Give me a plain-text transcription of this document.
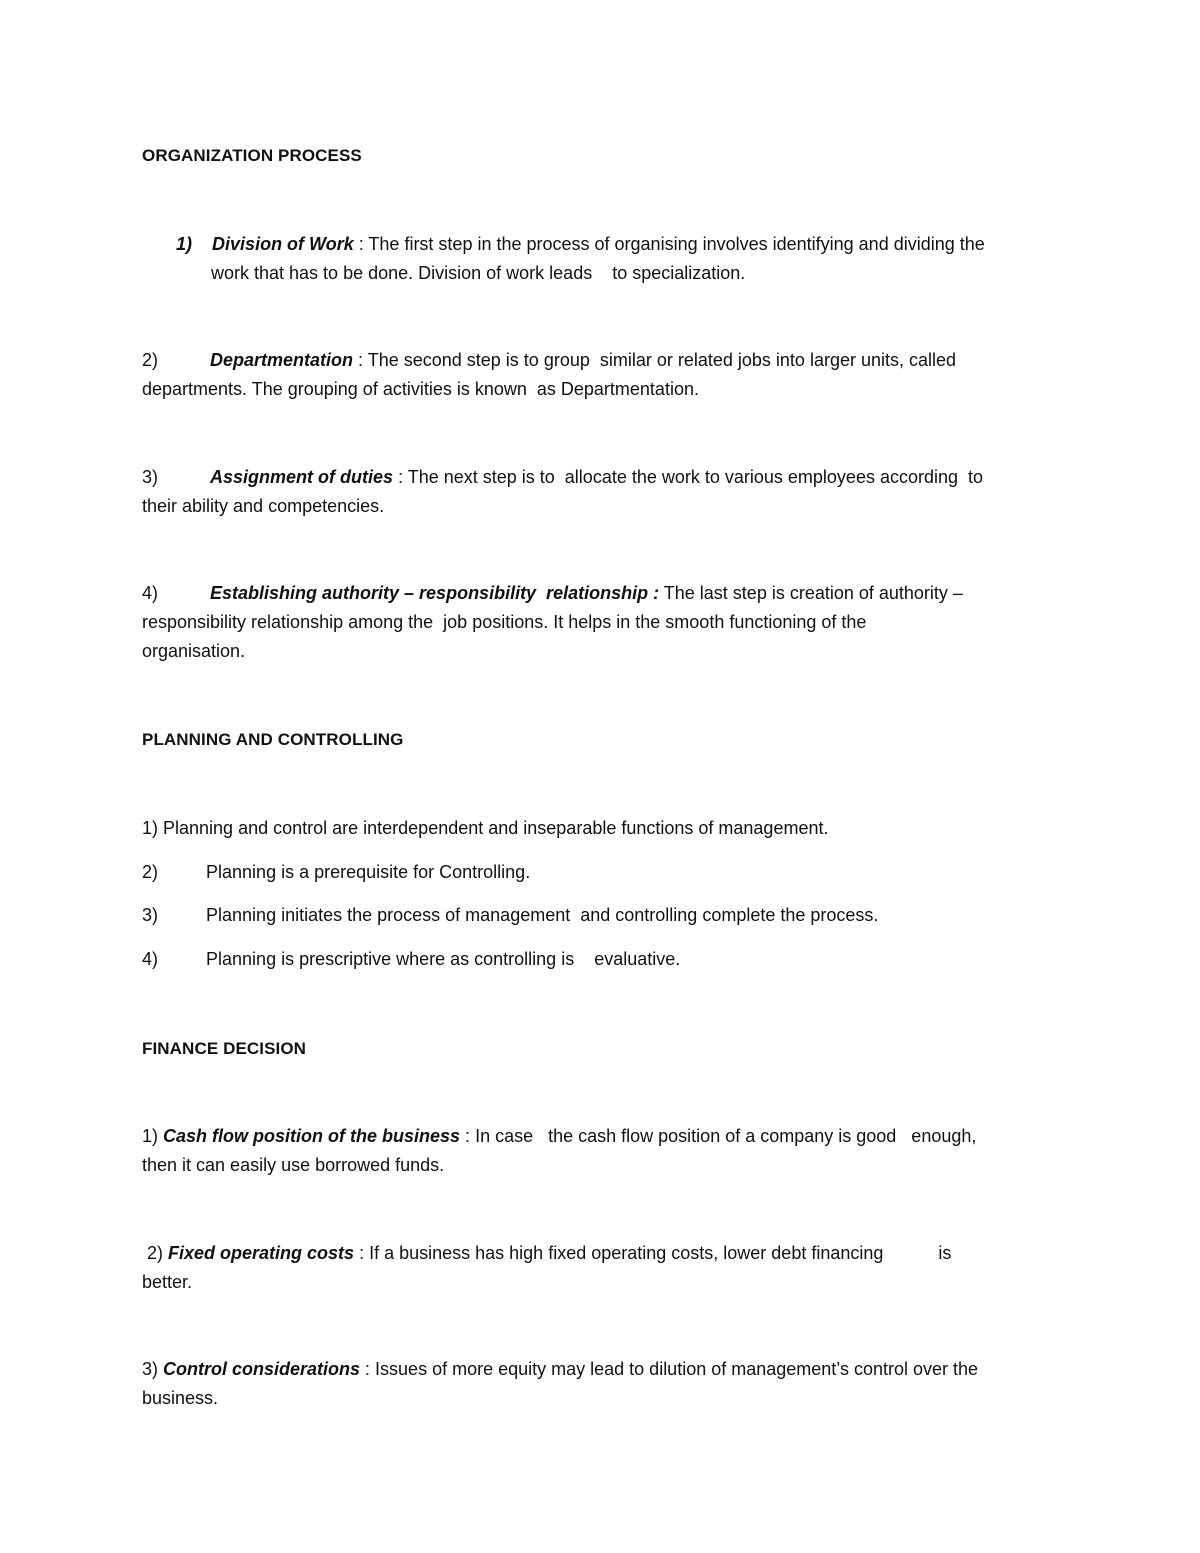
ORGANIZATION PROCESS
1) Division of Work : The first step in the process of organising involves identifying and dividing the
work that has to be done. Division of work leads    to specialization.
2)	Departmentation : The second step is to group  similar or related jobs into larger units, called
departments. The grouping of activities is known  as Departmentation.
3)	Assignment of duties : The next step is to  allocate the work to various employees according  to
their ability and competencies.
4)	Establishing authority – responsibility  relationship : The last step is creation of authority –
responsibility relationship among the  job positions. It helps in the smooth functioning of the
organisation.
PLANNING AND CONTROLLING
1) Planning and control are interdependent and inseparable functions of management.
2)	Planning is a prerequisite for Controlling.
3)	Planning initiates the process of management  and controlling complete the process.
4)	Planning is prescriptive where as controlling is    evaluative.
FINANCE DECISION
1) Cash flow position of the business : In case   the cash flow position of a company is good   enough,
then it can easily use borrowed funds.
2) Fixed operating costs : If a business has high fixed operating costs, lower debt financing           is
better.
3) Control considerations : Issues of more equity may lead to dilution of management’s control over the
business.
